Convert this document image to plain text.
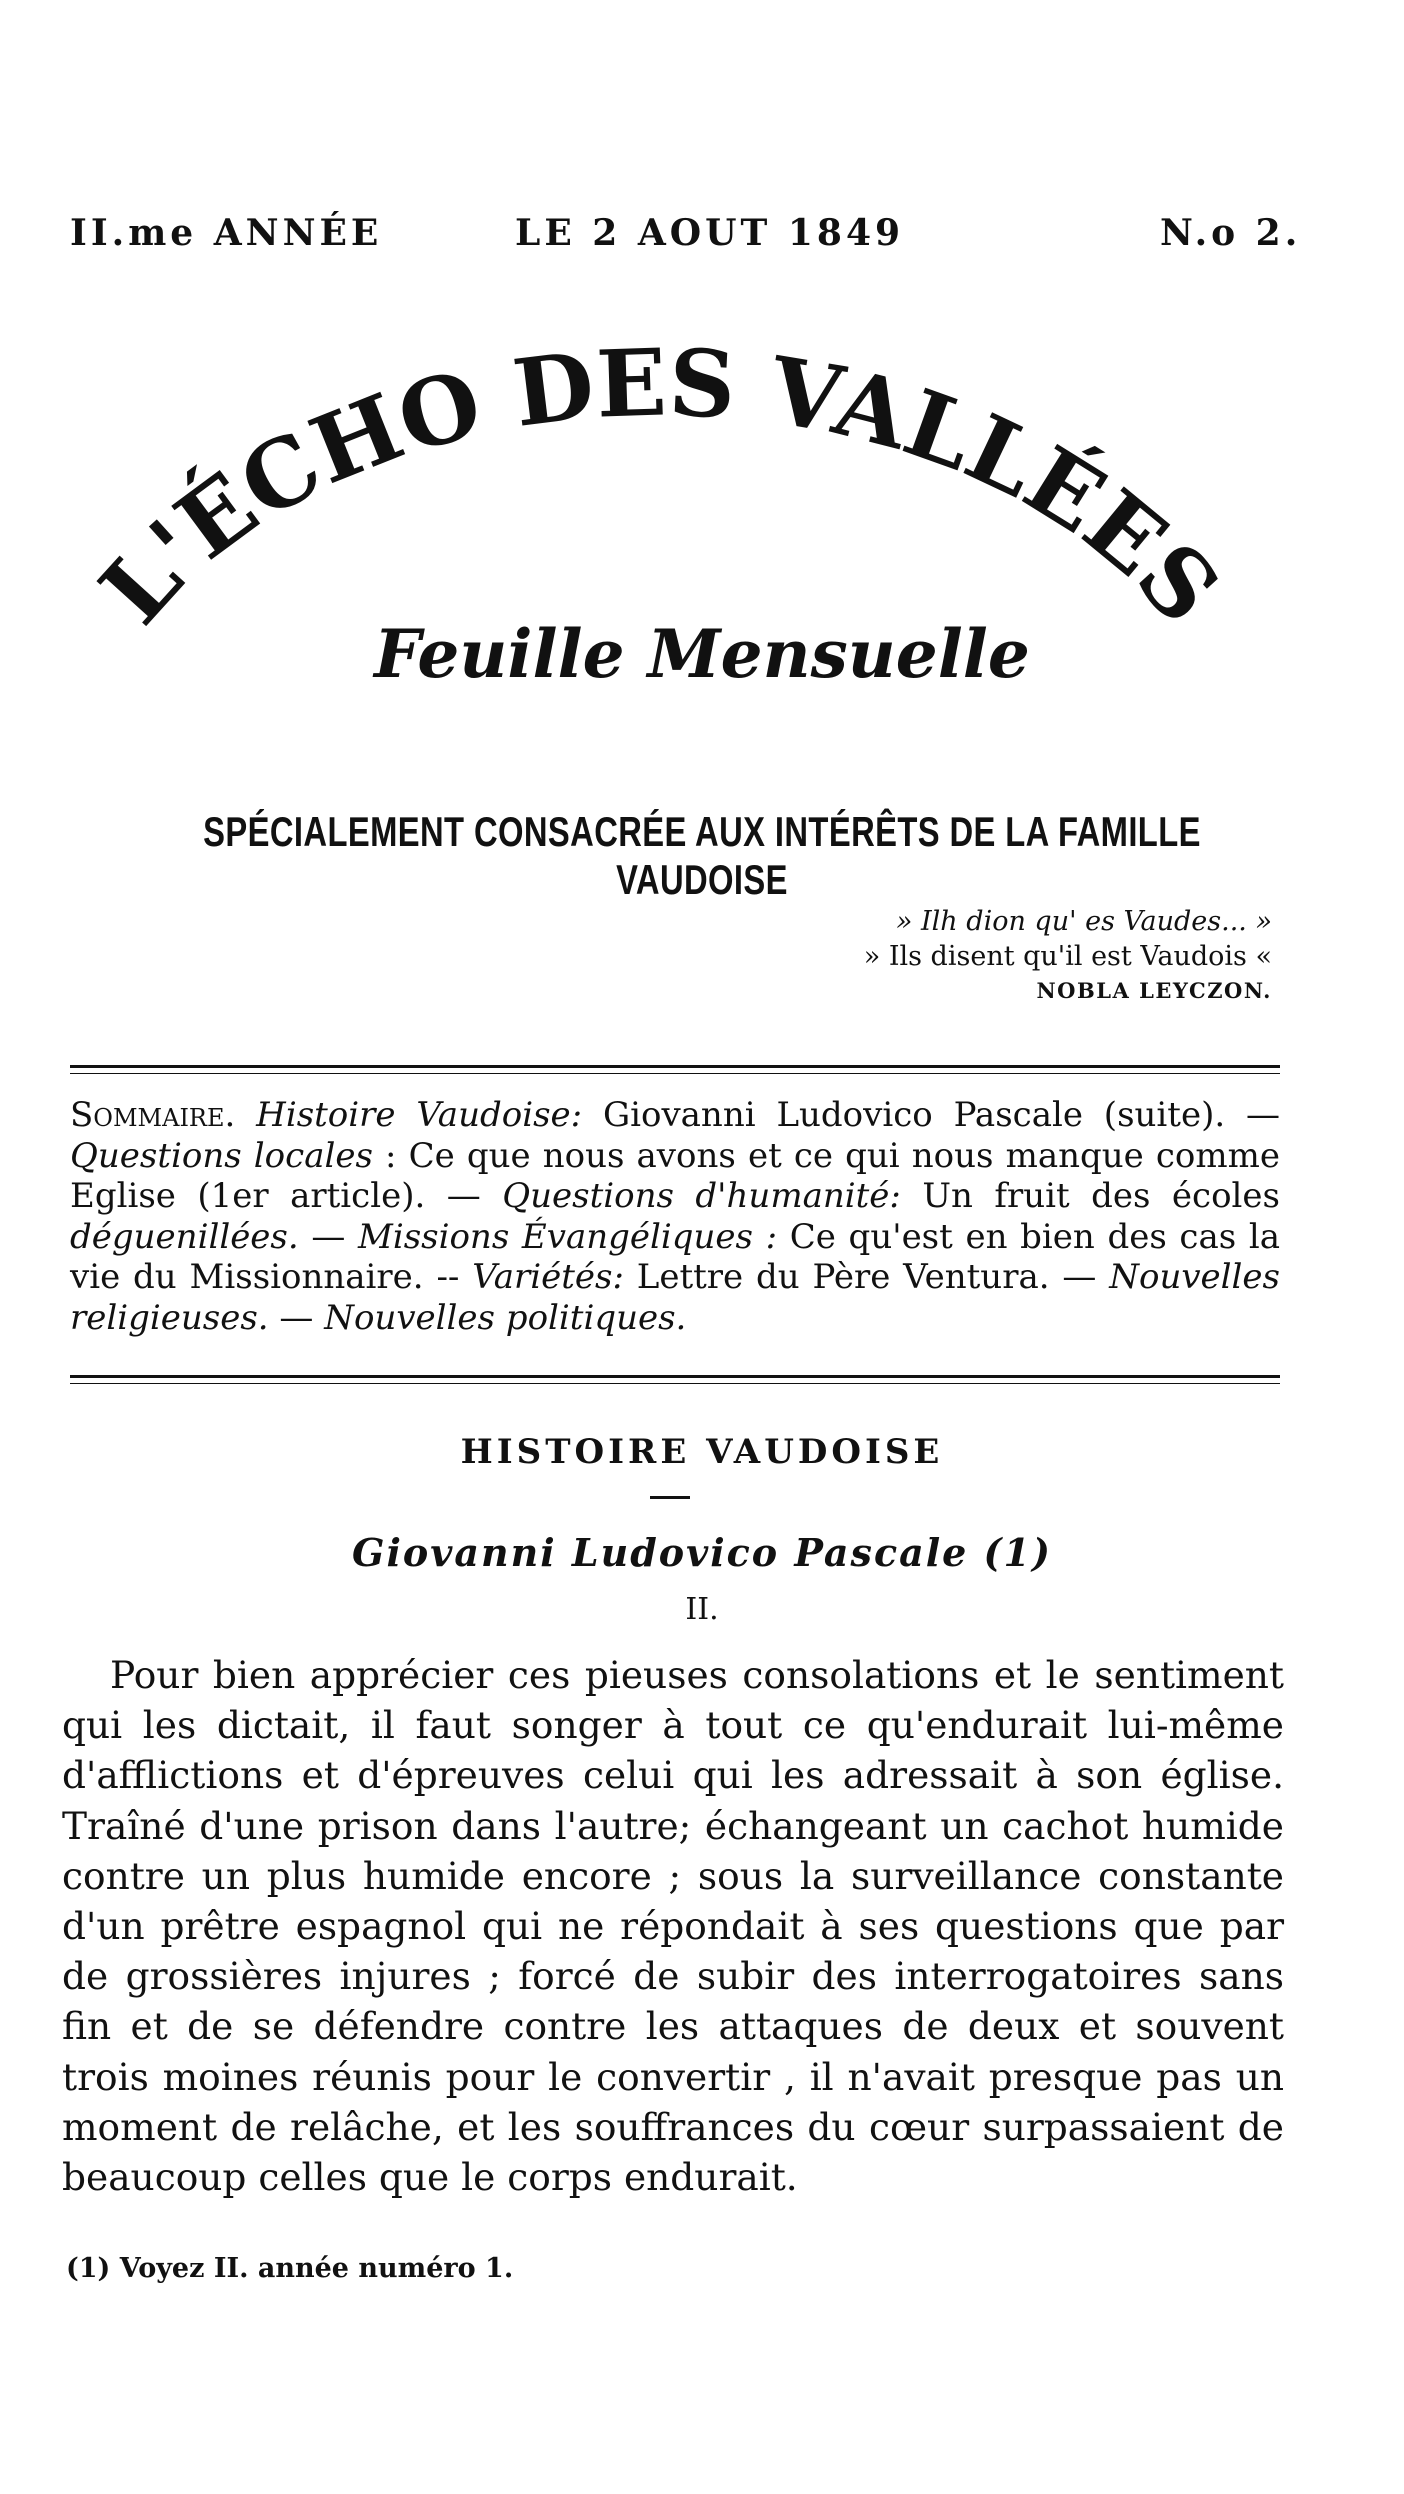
II.me ANNÉE	LE 2 AOUT 1849	N.o 2.
L'ÉCHO DES VALLÉES
Feuille Mensuelle
SPÉCIALEMENT CONSACRÉE AUX INTÉRÊTS DE LA FAMILLE VAUDOISE
» Ilh dion qu' es Vaudes... »
» Ils disent qu'il est Vaudois «
NOBLA LEYCZON.
Sommaire. Histoire Vaudoise: Giovanni Ludovico Pascale (suite). — Questions locales : Ce que nous avons et ce qui nous manque comme Eglise (1er article). — Questions d'humanité: Un fruit des écoles déguenillées. — Missions Évangéliques : Ce qu'est en bien des cas la vie du Missionnaire. -- Variétés: Lettre du Père Ventura. — Nouvelles religieuses. — Nouvelles politiques.
HISTOIRE VAUDOISE
Giovanni Ludovico Pascale (1)
II.
Pour bien apprécier ces pieuses consolations et le sentiment qui les dictait, il faut songer à tout ce qu'endurait lui-même d'afflictions et d'épreuves celui qui les adressait à son église. Traîné d'une prison dans l'autre; échangeant un cachot humide contre un plus humide encore ; sous la surveillance constante d'un prêtre espagnol qui ne répondait à ses questions que par de grossières injures ; forcé de subir des interrogatoires sans fin et de se défendre contre les attaques de deux et souvent trois moines réunis pour le convertir , il n'avait presque pas un moment de relâche, et les souffrances du cœur surpassaient de beaucoup celles que le corps endurait.
(1) Voyez II. année numéro 1.
